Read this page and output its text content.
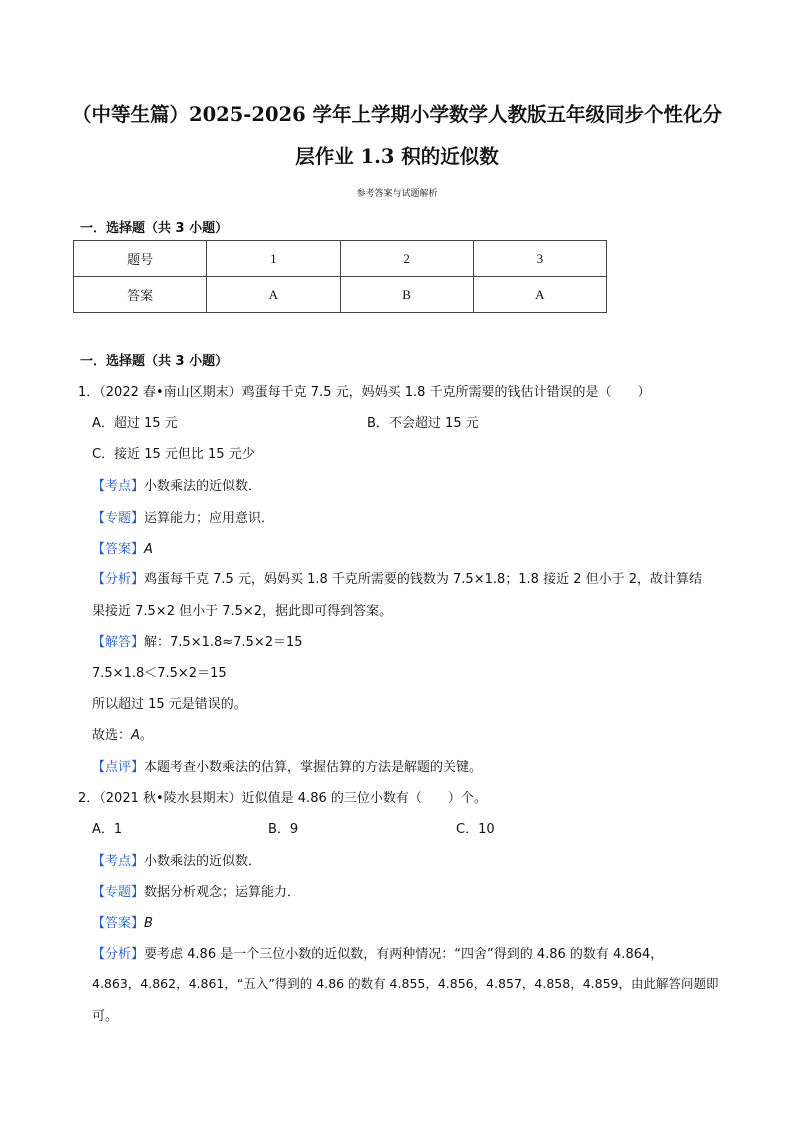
（中等生篇）2025-2026 学年上学期小学数学人教版五年级同步个性化分
层作业 1.3 积的近似数
参考答案与试题解析
一．选择题（共 3 小题）
题号	1	2	3
答案	A	B	A
一．选择题（共 3 小题）
1．（2022 春•南山区期末）鸡蛋每千克 7.5 元，妈妈买 1.8 千克所需要的钱估计错误的是（　　）
A．超过 15 元	B．不会超过 15 元
C．接近 15 元但比 15 元少
【考点】小数乘法的近似数．
【专题】运算能力；应用意识．
【答案】A
【分析】鸡蛋每千克 7.5 元，妈妈买 1.8 千克所需要的钱数为 7.5×1.8；1.8 接近 2 但小于 2，故计算结
果接近 7.5×2 但小于 7.5×2，据此即可得到答案。
【解答】解：7.5×1.8≈7.5×2＝15
7.5×1.8＜7.5×2＝15
所以超过 15 元是错误的。
故选：A。
【点评】本题考查小数乘法的估算，掌握估算的方法是解题的关键。
2．（2021 秋•陵水县期末）近似值是 4.86 的三位小数有（　　）个。
A．1	B．9	C．10
【考点】小数乘法的近似数．
【专题】数据分析观念；运算能力．
【答案】B
【分析】要考虑 4.86 是一个三位小数的近似数，有两种情况：“四舍”得到的 4.86 的数有 4.864，
4.863，4.862，4.861，“五入”得到的 4.86 的数有 4.855，4.856，4.857，4.858，4.859，由此解答问题即
可。
